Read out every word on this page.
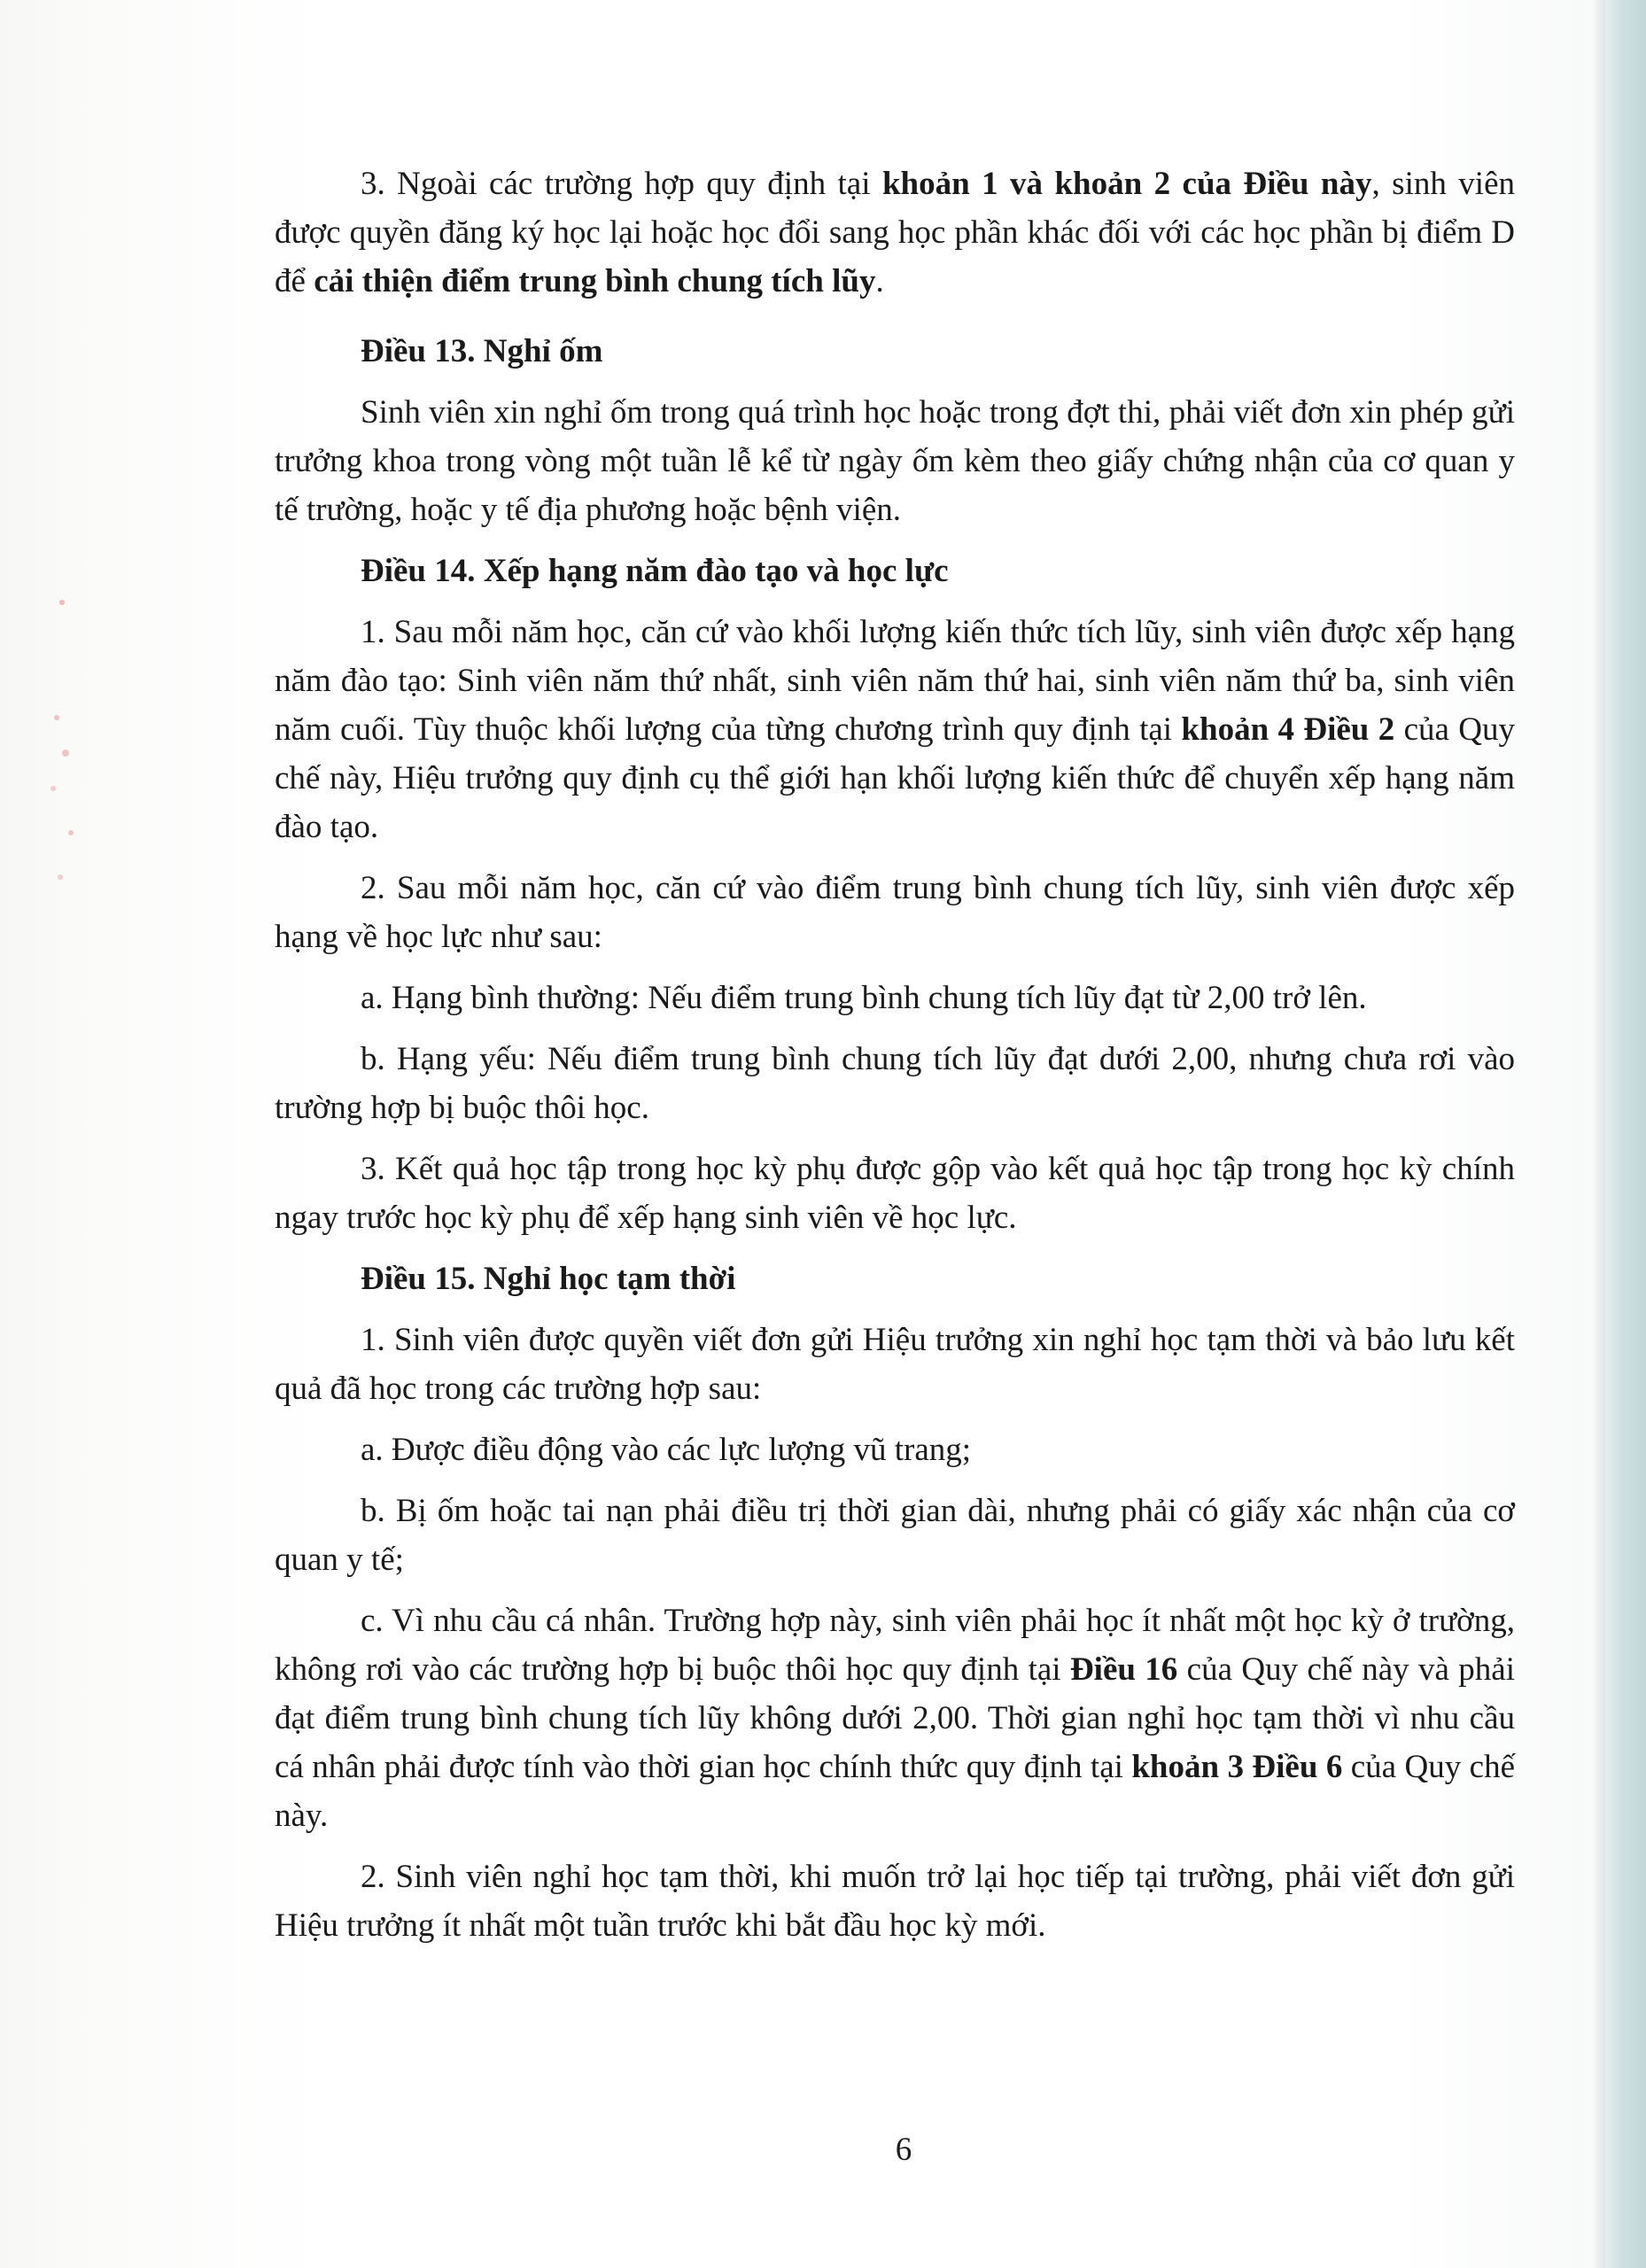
3. Ngoài các trường hợp quy định tại khoản 1 và khoản 2 của Điều này, sinh viên được quyền đăng ký học lại hoặc học đổi sang học phần khác đối với các học phần bị điểm D để cải thiện điểm trung bình chung tích lũy.

Điều 13. Nghỉ ốm

Sinh viên xin nghỉ ốm trong quá trình học hoặc trong đợt thi, phải viết đơn xin phép gửi trưởng khoa trong vòng một tuần lễ kể từ ngày ốm kèm theo giấy chứng nhận của cơ quan y tế trường, hoặc y tế địa phương hoặc bệnh viện.

Điều 14. Xếp hạng năm đào tạo và học lực

1. Sau mỗi năm học, căn cứ vào khối lượng kiến thức tích lũy, sinh viên được xếp hạng năm đào tạo: Sinh viên năm thứ nhất, sinh viên năm thứ hai, sinh viên năm thứ ba, sinh viên năm cuối. Tùy thuộc khối lượng của từng chương trình quy định tại khoản 4 Điều 2 của Quy chế này, Hiệu trưởng quy định cụ thể giới hạn khối lượng kiến thức để chuyển xếp hạng năm đào tạo.

2. Sau mỗi năm học, căn cứ vào điểm trung bình chung tích lũy, sinh viên được xếp hạng về học lực như sau:

a. Hạng bình thường: Nếu điểm trung bình chung tích lũy đạt từ 2,00 trở lên.

b. Hạng yếu: Nếu điểm trung bình chung tích lũy đạt dưới 2,00, nhưng chưa rơi vào trường hợp bị buộc thôi học.

3. Kết quả học tập trong học kỳ phụ được gộp vào kết quả học tập trong học kỳ chính ngay trước học kỳ phụ để xếp hạng sinh viên về học lực.

Điều 15. Nghỉ học tạm thời

1. Sinh viên được quyền viết đơn gửi Hiệu trưởng xin nghỉ học tạm thời và bảo lưu kết quả đã học trong các trường hợp sau:

a. Được điều động vào các lực lượng vũ trang;

b. Bị ốm hoặc tai nạn phải điều trị thời gian dài, nhưng phải có giấy xác nhận của cơ quan y tế;

c. Vì nhu cầu cá nhân. Trường hợp này, sinh viên phải học ít nhất một học kỳ ở trường, không rơi vào các trường hợp bị buộc thôi học quy định tại Điều 16 của Quy chế này và phải đạt điểm trung bình chung tích lũy không dưới 2,00. Thời gian nghỉ học tạm thời vì nhu cầu cá nhân phải được tính vào thời gian học chính thức quy định tại khoản 3 Điều 6 của Quy chế này.

2. Sinh viên nghỉ học tạm thời, khi muốn trở lại học tiếp tại trường, phải viết đơn gửi Hiệu trưởng ít nhất một tuần trước khi bắt đầu học kỳ mới.

6
